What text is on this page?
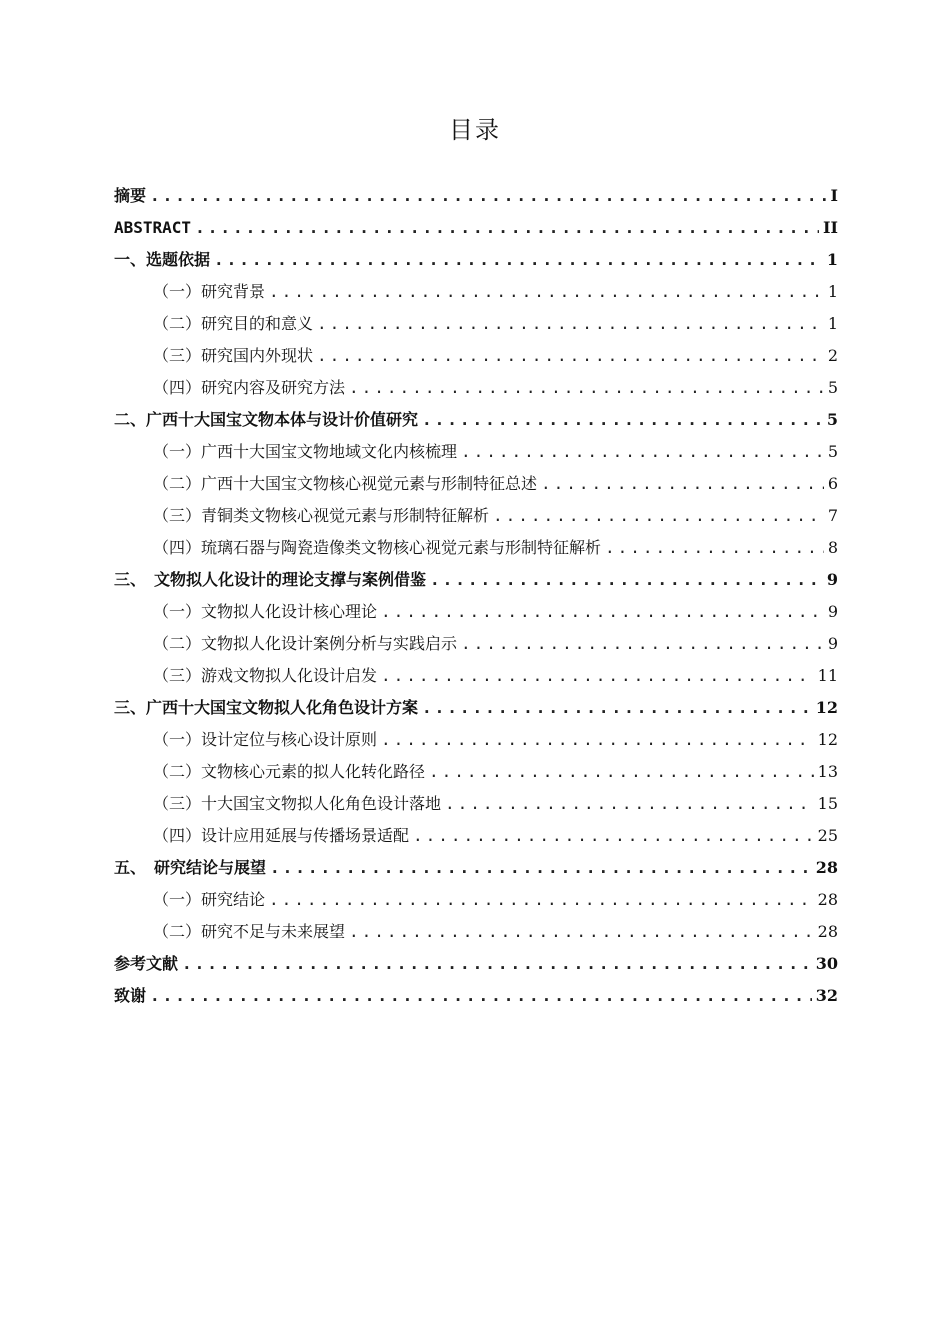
目录
摘要 .....	I
ABSTRACT .....	II
一、选题依据 .....	1
（一）研究背景 .....	1
（二）研究目的和意义 .....	1
（三）研究国内外现状 .....	2
（四）研究内容及研究方法 .....	5
二、广西十大国宝文物本体与设计价值研究 .....	5
（一）广西十大国宝文物地域文化内核梳理 .....	5
（二）广西十大国宝文物核心视觉元素与形制特征总述 .....	6
（三）青铜类文物核心视觉元素与形制特征解析 .....	7
（四）琉璃石器与陶瓷造像类文物核心视觉元素与形制特征解析 .....	8
三、　文物拟人化设计的理论支撑与案例借鉴 .....	9
（一）文物拟人化设计核心理论 .....	9
（二）文物拟人化设计案例分析与实践启示 .....	9
（三）游戏文物拟人化设计启发 .....	11
三、广西十大国宝文物拟人化角色设计方案 .....	12
（一）设计定位与核心设计原则 .....	12
（二）文物核心元素的拟人化转化路径 .....	13
（三）十大国宝文物拟人化角色设计落地 .....	15
（四）设计应用延展与传播场景适配 .....	25
五、　研究结论与展望 .....	28
（一）研究结论 .....	28
（二）研究不足与未来展望 .....	28
参考文献 .....	30
致谢 .....	32
